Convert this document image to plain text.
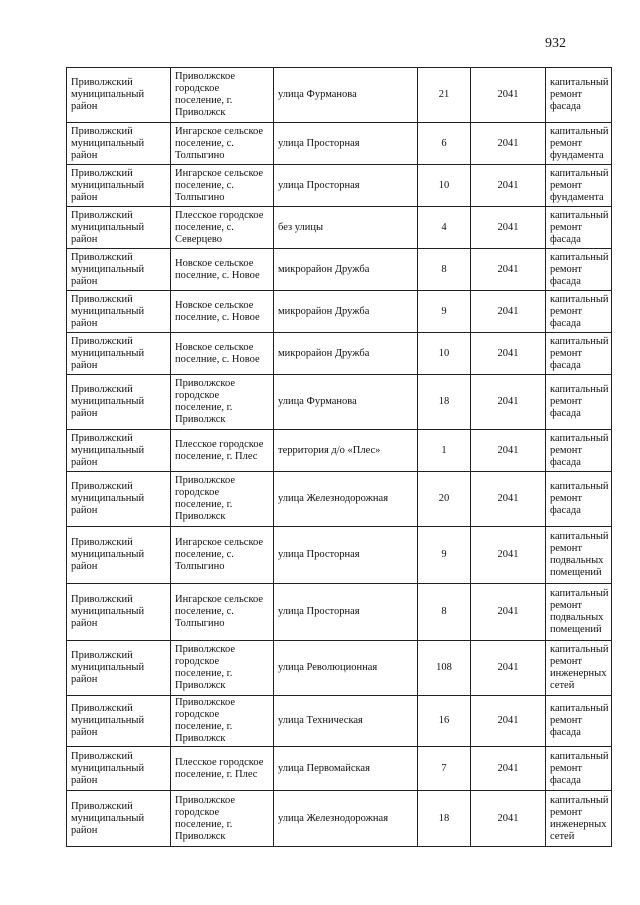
932
Приволжский муниципальный район	Приволжское городское поселение, г. Приволжск	улица Фурманова	21	2041	капитальный ремонт фасада
Приволжский муниципальный район	Ингарское сельское поселение, с. Толпыгино	улица Просторная	6	2041	капитальный ремонт фундамента
Приволжский муниципальный район	Ингарское сельское поселение, с. Толпыгино	улица Просторная	10	2041	капитальный ремонт фундамента
Приволжский муниципальный район	Плесское городское поселение, с. Северцево	без улицы	4	2041	капитальный ремонт фасада
Приволжский муниципальный район	Новское сельское поселние, с. Новое	микрорайон Дружба	8	2041	капитальный ремонт фасада
Приволжский муниципальный район	Новское сельское поселние, с. Новое	микрорайон Дружба	9	2041	капитальный ремонт фасада
Приволжский муниципальный район	Новское сельское поселние, с. Новое	микрорайон Дружба	10	2041	капитальный ремонт фасада
Приволжский муниципальный район	Приволжское городское поселение, г. Приволжск	улица Фурманова	18	2041	капитальный ремонт фасада
Приволжский муниципальный район	Плесское городское поселение, г. Плес	территория д/о «Плес»	1	2041	капитальный ремонт фасада
Приволжский муниципальный район	Приволжское городское поселение, г. Приволжск	улица Железнодорожная	20	2041	капитальный ремонт фасада
Приволжский муниципальный район	Ингарское сельское поселение, с. Толпыгино	улица Просторная	9	2041	капитальный ремонт подвальных помещений
Приволжский муниципальный район	Ингарское сельское поселение, с. Толпыгино	улица Просторная	8	2041	капитальный ремонт подвальных помещений
Приволжский муниципальный район	Приволжское городское поселение, г. Приволжск	улица Революционная	108	2041	капитальный ремонт инженерных сетей
Приволжский муниципальный район	Приволжское городское поселение, г. Приволжск	улица Техническая	16	2041	капитальный ремонт фасада
Приволжский муниципальный район	Плесское городское поселение, г. Плес	улица Первомайская	7	2041	капитальный ремонт фасада
Приволжский муниципальный район	Приволжское городское поселение, г. Приволжск	улица Железнодорожная	18	2041	капитальный ремонт инженерных сетей
